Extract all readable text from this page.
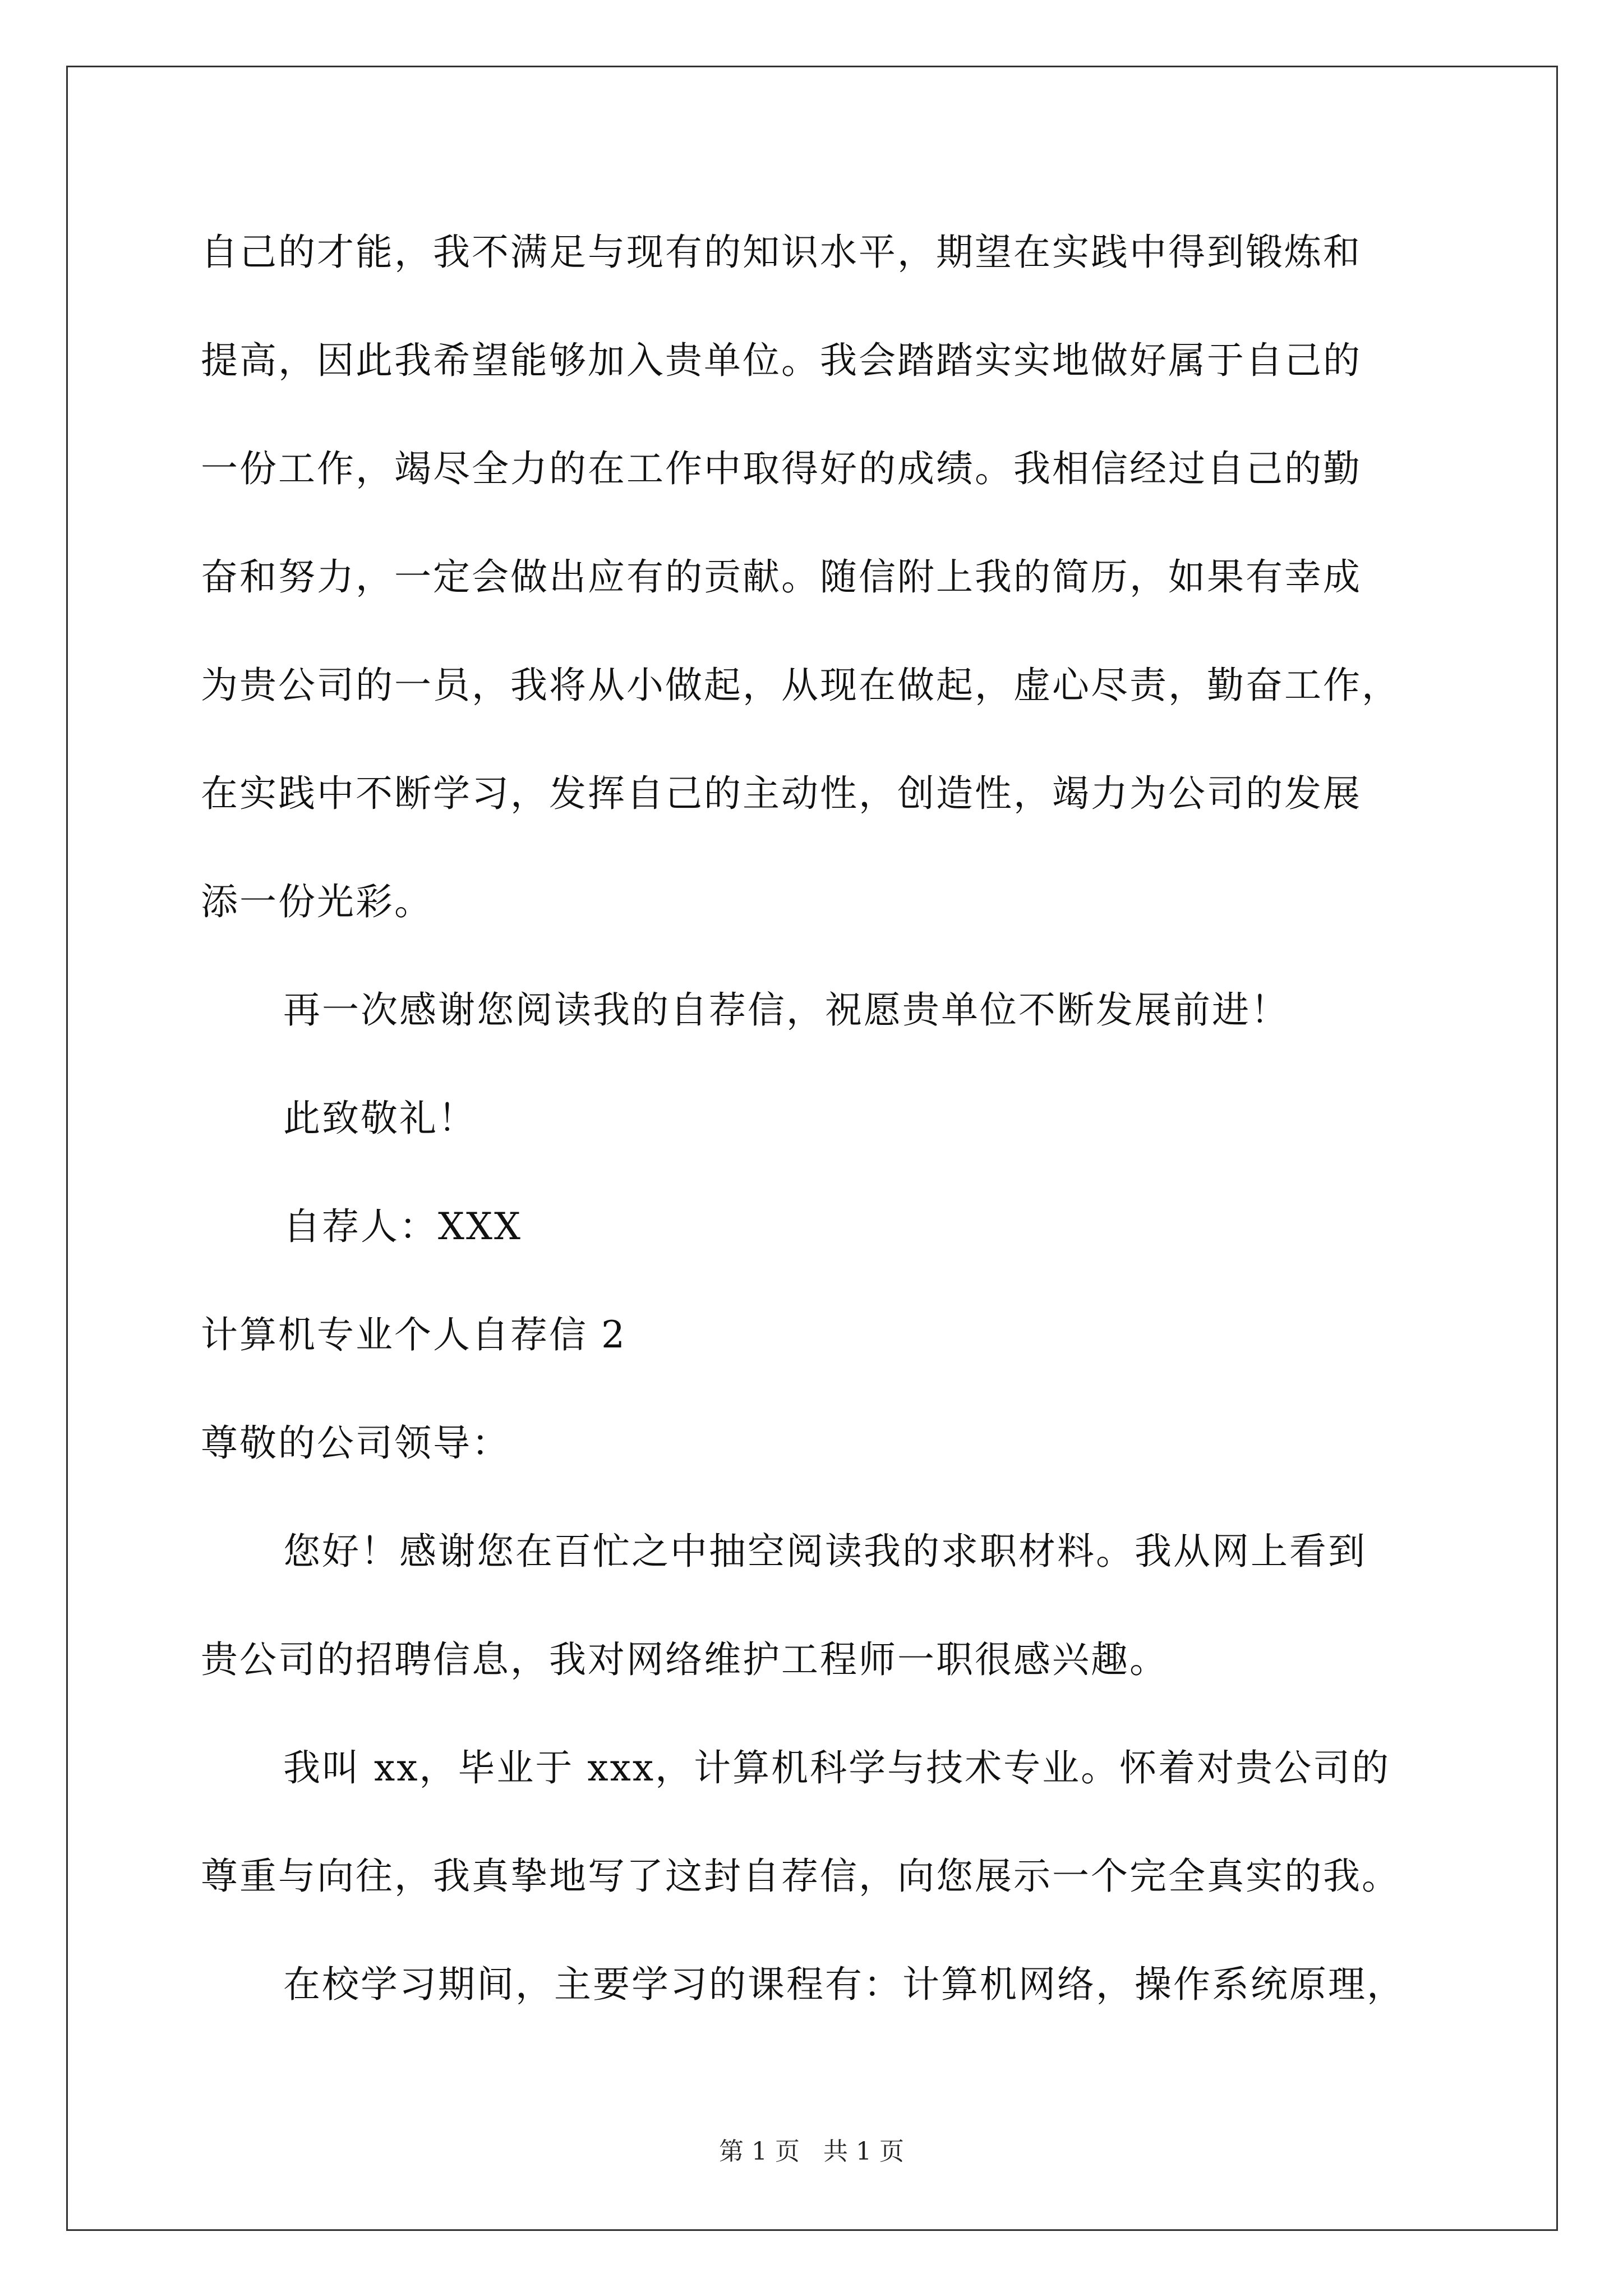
自己的才能，我不满足与现有的知识水平，期望在实践中得到锻炼和
提高，因此我希望能够加入贵单位。我会踏踏实实地做好属于自己的
一份工作，竭尽全力的在工作中取得好的成绩。我相信经过自己的勤
奋和努力，一定会做出应有的贡献。随信附上我的简历，如果有幸成
为贵公司的一员，我将从小做起，从现在做起，虚心尽责，勤奋工作，
在实践中不断学习，发挥自己的主动性，创造性，竭力为公司的发展
添一份光彩。
再一次感谢您阅读我的自荐信，祝愿贵单位不断发展前进！
此致敬礼！
自荐人：XXX
计算机专业个人自荐信 2
尊敬的公司领导：
您好！感谢您在百忙之中抽空阅读我的求职材料。我从网上看到
贵公司的招聘信息，我对网络维护工程师一职很感兴趣。
我叫 xx，毕业于 xxx，计算机科学与技术专业。怀着对贵公司的
尊重与向往，我真挚地写了这封自荐信，向您展示一个完全真实的我。
在校学习期间，主要学习的课程有：计算机网络，操作系统原理，
第 1 页 共 1 页
